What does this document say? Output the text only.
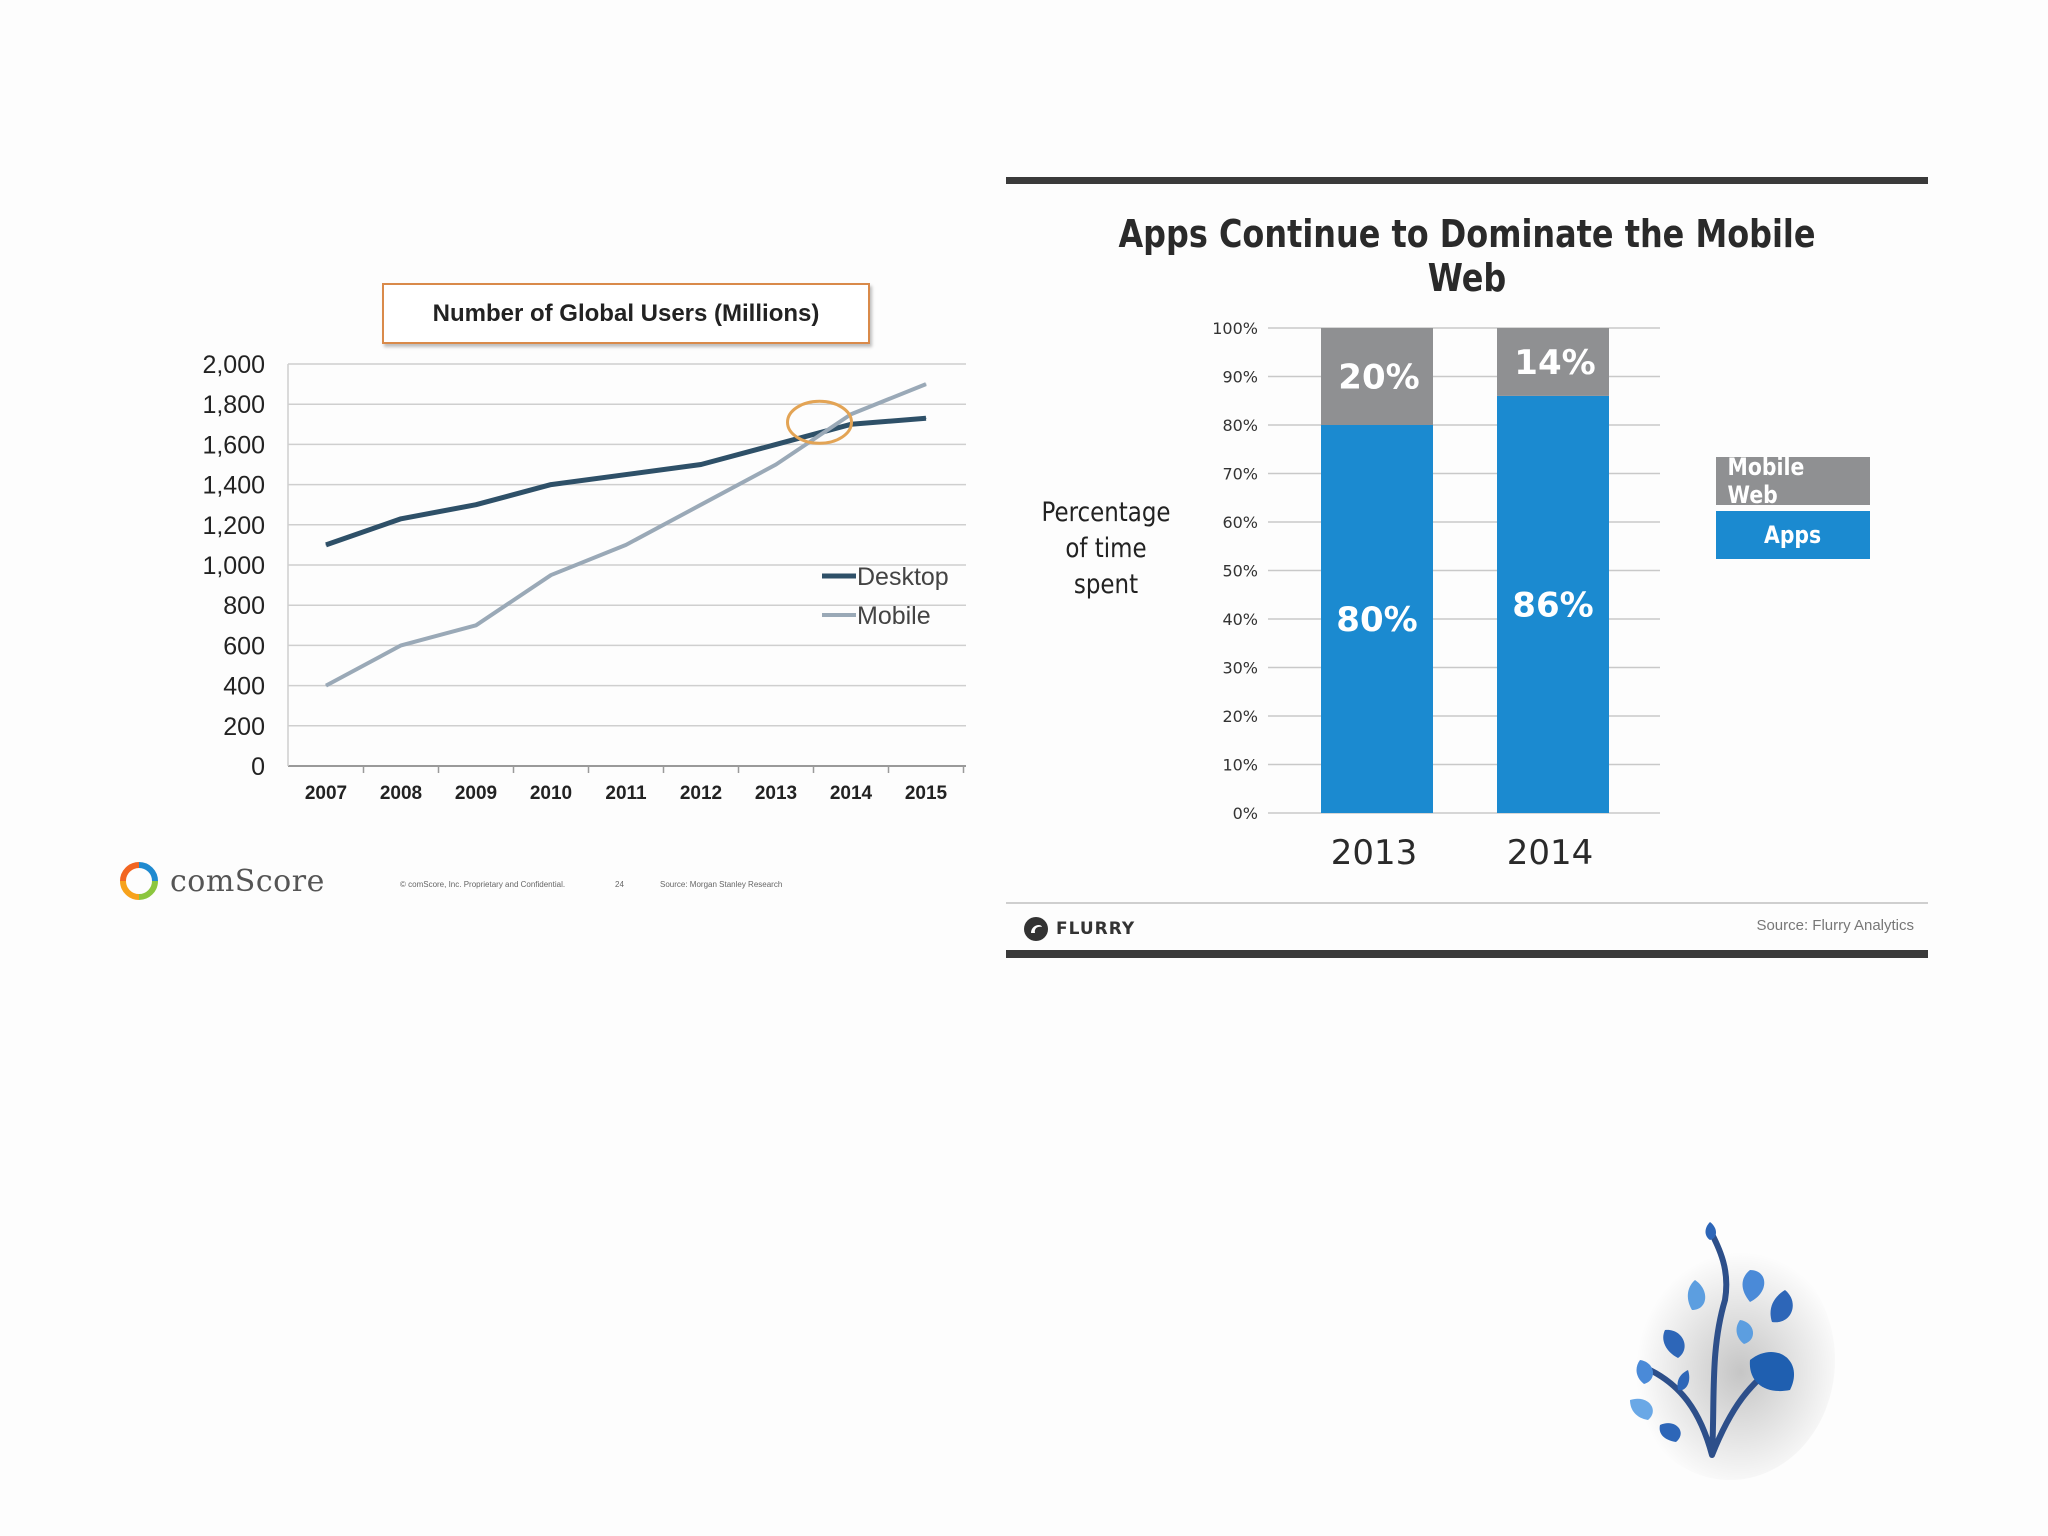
0
200
400
600
800
1,000
1,200
1,400
1,600
1,800
2,000
2007 2008 2009 2010 2011 2012 2013 2014 2015
Desktop
Mobile
Number of Global Users (Millions)
comScore	© comScore, Inc. Proprietary and Confidential.	24	Source: Morgan Stanley Research
Apps Continue to Dominate the Mobile Web
Percentage
of time spent
0%
10%
20%
30%
40%
50%
60%
70%
80%
90%
100%
80%
20%
2013
86%
14%
2014
Mobile Web
Apps
FLURRY	Source: Flurry Analytics
